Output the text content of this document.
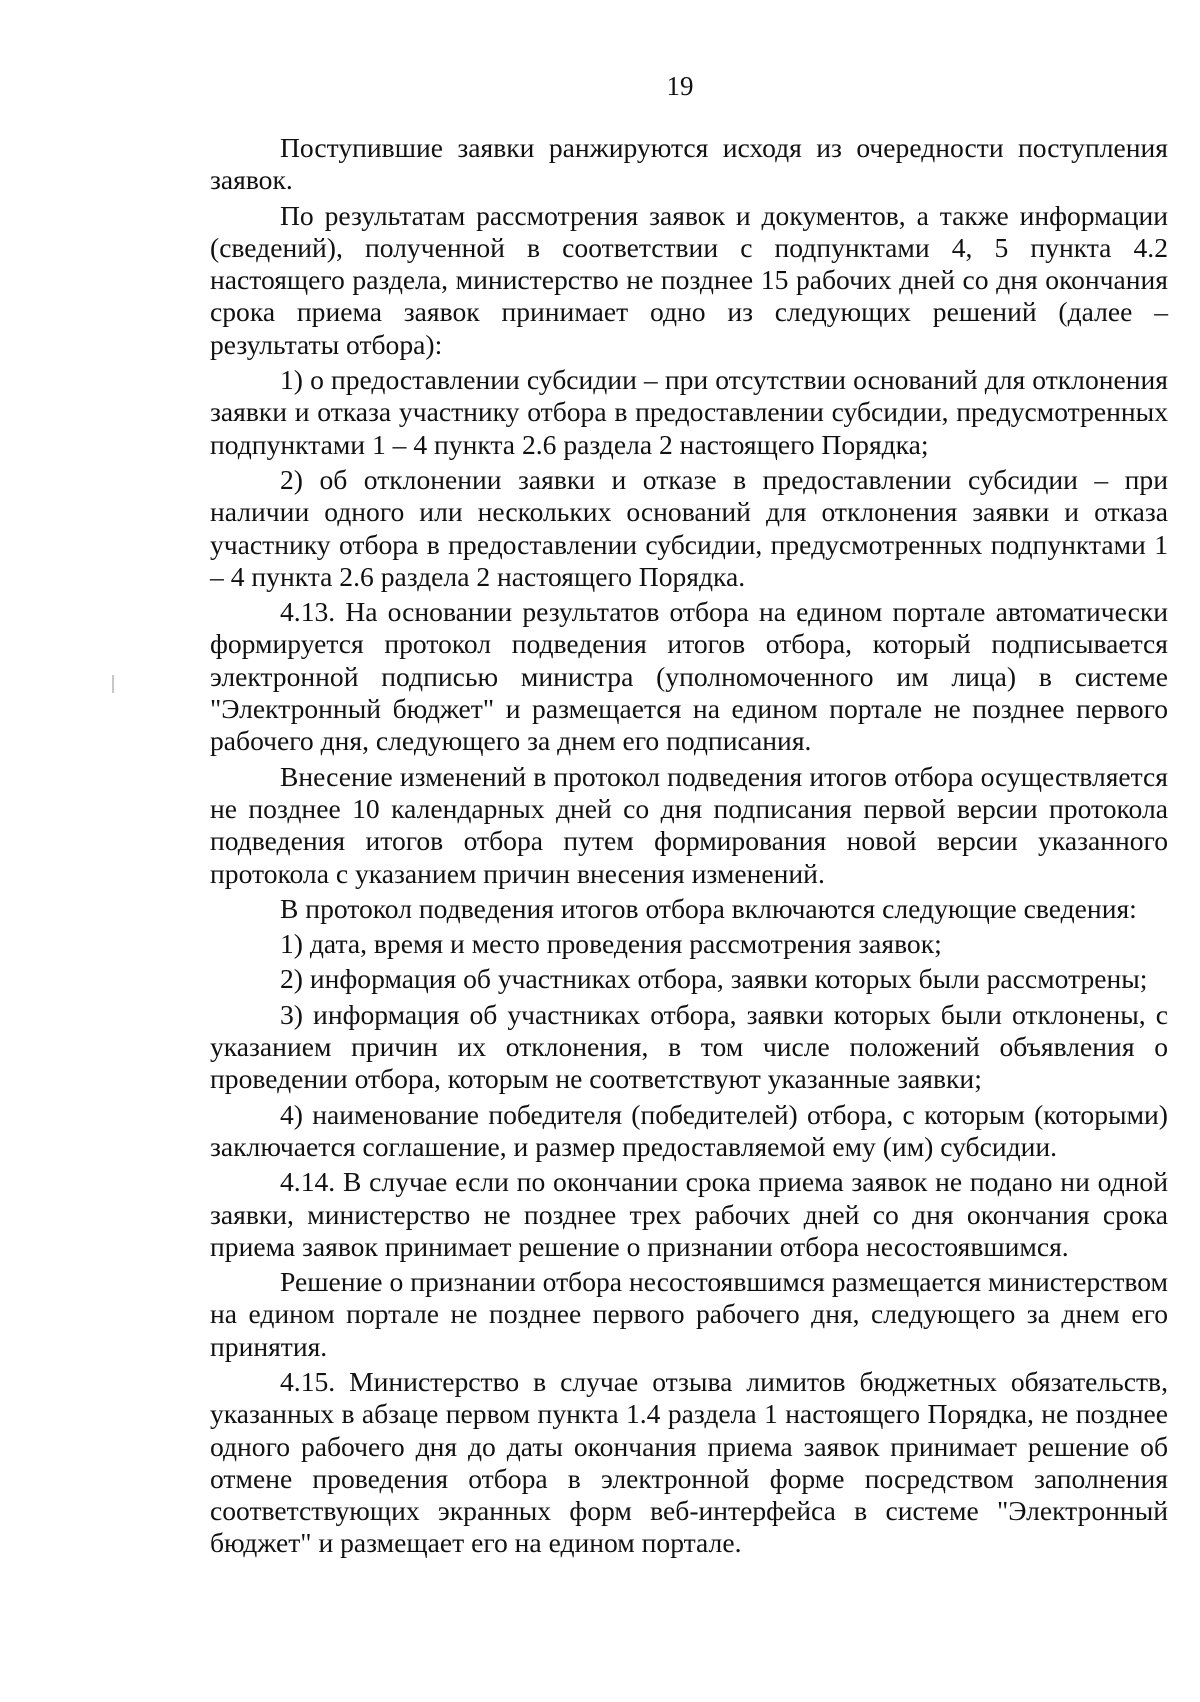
19

Поступившие заявки ранжируются исходя из очередности поступления заявок.

По результатам рассмотрения заявок и документов, а также информации (сведений), полученной в соответствии с подпунктами 4, 5 пункта 4.2 настоящего раздела, министерство не позднее 15 рабочих дней со дня окончания срока приема заявок принимает одно из следующих решений (далее – результаты отбора):

1) о предоставлении субсидии – при отсутствии оснований для отклонения заявки и отказа участнику отбора в предоставлении субсидии, предусмотренных подпунктами 1 – 4 пункта 2.6 раздела 2 настоящего Порядка;

2) об отклонении заявки и отказе в предоставлении субсидии – при наличии одного или нескольких оснований для отклонения заявки и отказа участнику отбора в предоставлении субсидии, предусмотренных подпунктами 1 – 4 пункта 2.6 раздела 2 настоящего Порядка.

4.13. На основании результатов отбора на едином портале автоматически формируется протокол подведения итогов отбора, который подписывается электронной подписью министра (уполномоченного им лица) в системе "Электронный бюджет" и размещается на едином портале не позднее первого рабочего дня, следующего за днем его подписания.

Внесение изменений в протокол подведения итогов отбора осуществляется не позднее 10 календарных дней со дня подписания первой версии протокола подведения итогов отбора путем формирования новой версии указанного протокола с указанием причин внесения изменений.

В протокол подведения итогов отбора включаются следующие сведения:

1) дата, время и место проведения рассмотрения заявок;

2) информация об участниках отбора, заявки которых были рассмотрены;

3) информация об участниках отбора, заявки которых были отклонены, с указанием причин их отклонения, в том числе положений объявления о проведении отбора, которым не соответствуют указанные заявки;

4) наименование победителя (победителей) отбора, с которым (которыми) заключается соглашение, и размер предоставляемой ему (им) субсидии.

4.14. В случае если по окончании срока приема заявок не подано ни одной заявки, министерство не позднее трех рабочих дней со дня окончания срока приема заявок принимает решение о признании отбора несостоявшимся.

Решение о признании отбора несостоявшимся размещается министерством на едином портале не позднее первого рабочего дня, следующего за днем его принятия.

4.15. Министерство в случае отзыва лимитов бюджетных обязательств, указанных в абзаце первом пункта 1.4 раздела 1 настоящего Порядка, не позднее одного рабочего дня до даты окончания приема заявок принимает решение об отмене проведения отбора в электронной форме посредством заполнения соответствующих экранных форм веб-интерфейса в системе "Электронный бюджет" и размещает его на едином портале.
